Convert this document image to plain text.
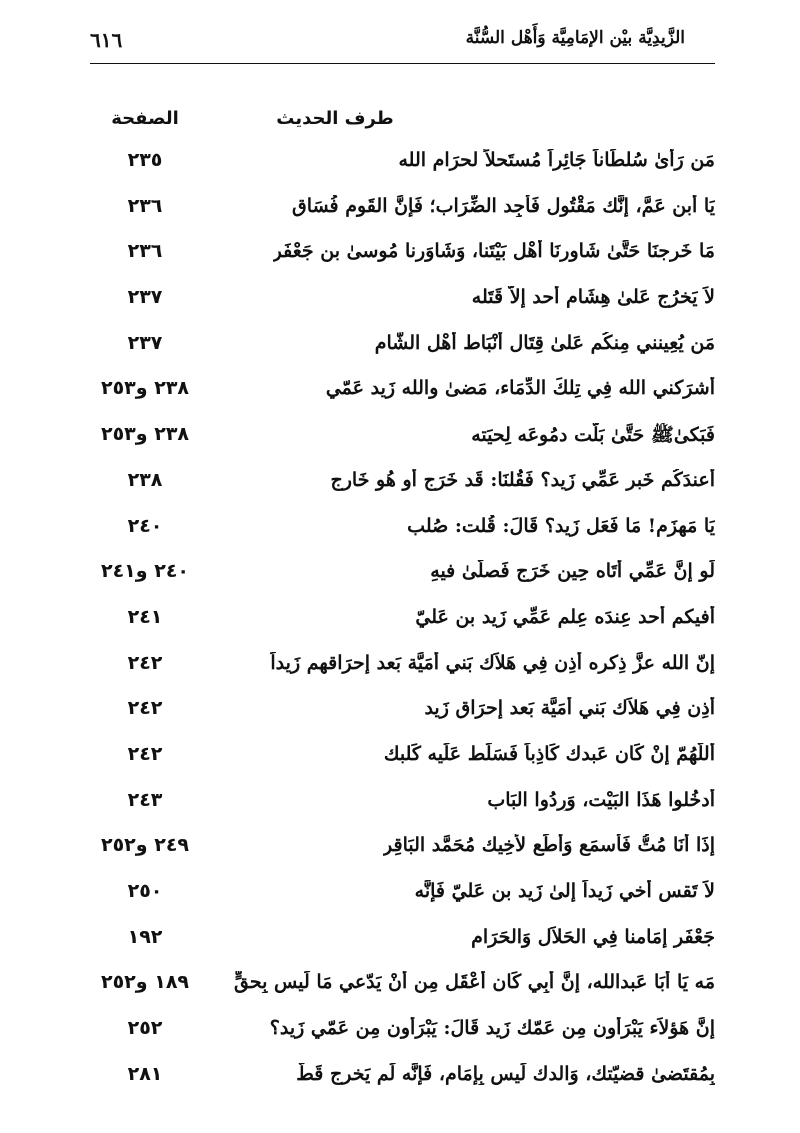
الزَّيدِيَّة بيْن الإمَامِيَّة وَأَهْل السُّنَّة
٦١٦
طرف الحديث
الصفحة
مَن رَأَىٰ سُلطَاناً جَائِراً مُستَحلاً لحرَام الله
٢٣٥
يَا أبن عَمَّ، إنَّك مَقْتُول فَأَجِد الضِّرَاب؛ فَإِنَّ القَوم فُسَاق
٢٣٦
مَا خَرجنَا حَتَّىٰ شَاورنَا أَهْل بَيْتَنا، وَشَاوَرنا مُوسىٰ بن جَعْفَر
٢٣٦
لاَ يَخرُج عَلىٰ هِشَام أحد إلاَّ قَتَله
٢٣٧
مَن يُعِينني مِنكُم عَلىٰ قِتَال أَنْبَاط أَهْل الشَّام
٢٣٧
أشرَكني الله فِي تِلكَ الدِّمَاء، مَضىٰ والله زَيد عَمّي
٢٣٨ و٢٥٣
فَبَكىٰﷺ حَتَّىٰ بَلَّت دمُوعَه لِحيَته
٢٣٨ و٢٥٣
أعندَكُم خَبر عَمِّي زَيد؟ فَقُلنَا: قَد خَرَج أو هُو خَارج
٢٣٨
يَا مَهزَم! مَا فَعَل زَيد؟ قَالَ: قُلت: صُلب
٢٤٠
لَو إنَّ عَمِّي أَتَاه حِين خَرَج فَصلَّىٰ فيهِ
٢٤٠ و٢٤١
أَفيكم أحد عِندَه عِلم عَمِّي زَيد بن عَليّ
٢٤١
إنّ الله عزَّ ذِكره أَذِن فِي هَلاَك بَني أُمَيَّة بَعد إحرَاقهم زَيداً
٢٤٢
أَذِن فِي هَلاَك بَني أُمَيَّة بَعد إِحرَاق زَيد
٢٤٢
أَللَّهُمّ إنْ كَان عَبدك كَاذِباً فَسَلِّط عَلَيه كَلبك
٢٤٢
أدخُلوا هَذَا البَيْت، وَرِدُوا البَاب
٢٤٣
إذَا أَنَا مُتُّ فَأَسمَع وَأَطَع لأَخِيك مُحَمَّد البَاقِر
٢٤٩ و٢٥٢
لاَ تَقس أَخي زَيداً إِلىٰ زَيد بن عَليّ فَإنَّه
٢٥٠
جَعْفَر إمَامنا فِي الحَلاَل وَالحَرَام
١٩٢
مَه يَا أبَا عَبدالله، إنَّ أَبِي كَان أَعْقَل مِن أَنْ يَدّعي مَا لَيس بِحقٍّ
١٨٩ و٢٥٢
إنَّ هَؤلاَء يَبْرَأون مِن عَمّك زَيد قَالَ: يَبْرَأُون مِن عَمّي زَيد؟
٢٥٢
بِمُقتَضىٰ قضيّتك، وَالدك لَيس بِإمَام، فَإنَّه لَم يَخرج قَطّ
٢٨١
